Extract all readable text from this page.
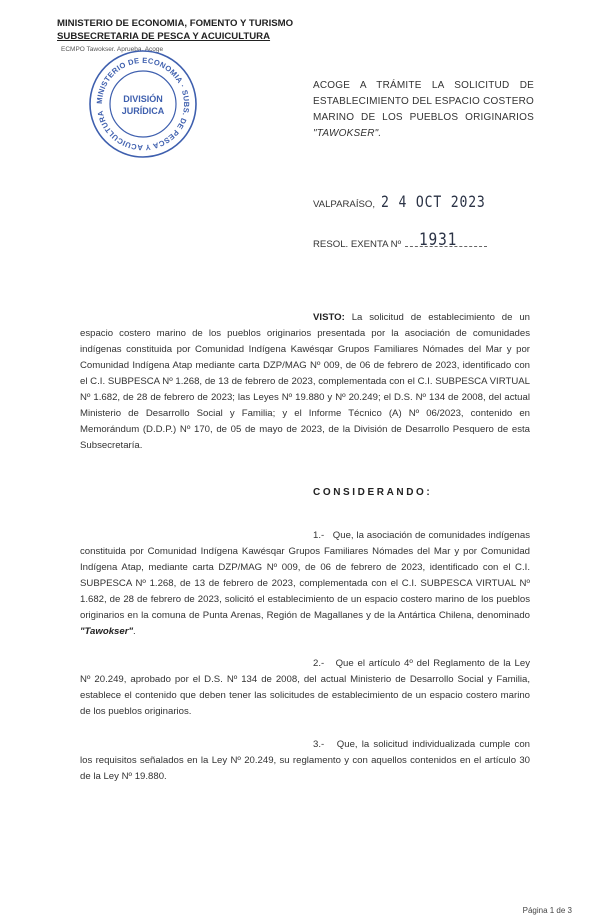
MINISTERIO DE ECONOMIA, FOMENTO Y TURISMO
SUBSECRETARIA DE PESCA Y ACUICULTURA
ECMPO Tawokser. Aprueba. Acoge
MINISTERIO DE ECONOMIA · SUBS. DE PESCA Y ACUICULTURA
DIVISIÓN
JURÍDICA
ACOGE A TRÁMITE LA SOLICITUD DE ESTABLECIMIENTO DEL ESPACIO COSTERO MARINO DE LOS PUEBLOS ORIGINARIOS "TAWOKSER".
VALPARAÍSO, 2 4 OCT 2023
RESOL. EXENTA Nº	1931
VISTO: La solicitud de establecimiento de un espacio costero marino de los pueblos originarios presentada por la asociación de comunidades indígenas constituida por Comunidad Indígena Kawésqar Grupos Familiares Nómades del Mar y por Comunidad Indígena Atap mediante carta DZP/MAG Nº 009, de 06 de febrero de 2023, identificado con el C.I. SUBPESCA Nº 1.268, de 13 de febrero de 2023, complementada con el C.I. SUBPESCA VIRTUAL Nº 1.682, de 28 de febrero de 2023; las Leyes Nº 19.880 y Nº 20.249; el D.S. Nº 134 de 2008, del actual Ministerio de Desarrollo Social y Familia; y el Informe Técnico (A) Nº 06/2023, contenido en Memorándum (D.D.P.) Nº 170, de 05 de mayo de 2023, de la División de Desarrollo Pesquero de esta Subsecretaría.
CONSIDERANDO:
1.- Que, la asociación de comunidades indígenas constituida por Comunidad Indígena Kawésqar Grupos Familiares Nómades del Mar y por Comunidad Indígena Atap, mediante carta DZP/MAG Nº 009, de 06 de febrero de 2023, identificado con el C.I. SUBPESCA Nº 1.268, de 13 de febrero de 2023, complementada con el C.I. SUBPESCA VIRTUAL Nº 1.682, de 28 de febrero de 2023, solicitó el establecimiento de un espacio costero marino de los pueblos originarios en la comuna de Punta Arenas, Región de Magallanes y de la Antártica Chilena, denominado "Tawokser".
2.- Que el artículo 4º del Reglamento de la Ley Nº 20.249, aprobado por el D.S. Nº 134 de 2008, del actual Ministerio de Desarrollo Social y Familia, establece el contenido que deben tener las solicitudes de establecimiento de un espacio costero marino de los pueblos originarios.
3.- Que, la solicitud individualizada cumple con los requisitos señalados en la Ley Nº 20.249, su reglamento y con aquellos contenidos en el artículo 30 de la Ley Nº 19.880.
Página 1 de 3
